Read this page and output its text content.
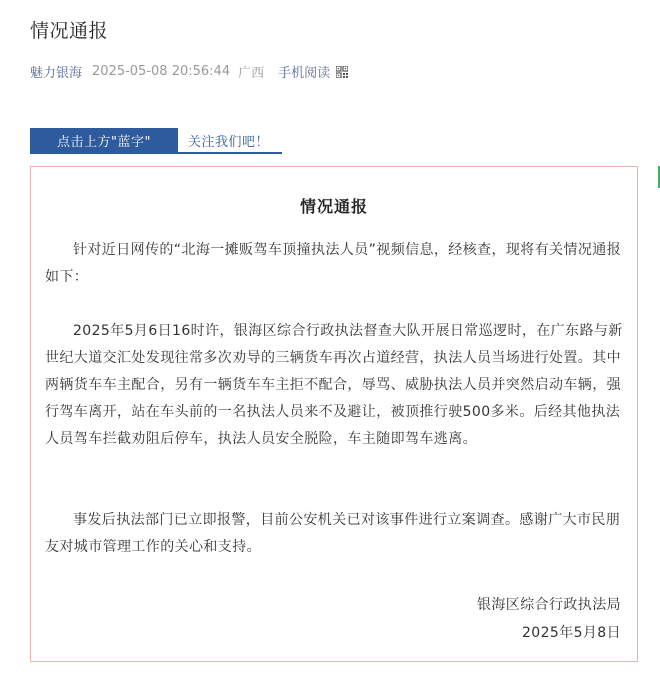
情况通报
魅力银海 2025-05-08 20:56:44 广西 手机阅读
点击上方"蓝字"	关注我们吧！
情况通报

针对近日网传的“北海一摊贩驾车顶撞执法人员”视频信息，经核查，现将有关情况通报如下：

2025年5月6日16时许，银海区综合行政执法督查大队开展日常巡逻时，在广东路与新世纪大道交汇处发现往常多次劝导的三辆货车再次占道经营，执法人员当场进行处置。其中两辆货车车主配合，另有一辆货车车主拒不配合，辱骂、威胁执法人员并突然启动车辆，强行驾车离开，站在车头前的一名执法人员来不及避让，被顶推行驶500多米。后经其他执法人员驾车拦截劝阻后停车，执法人员安全脱险，车主随即驾车逃离。

事发后执法部门已立即报警，目前公安机关已对该事件进行立案调查。感谢广大市民朋友对城市管理工作的关心和支持。

银海区综合行政执法局

2025年5月8日
